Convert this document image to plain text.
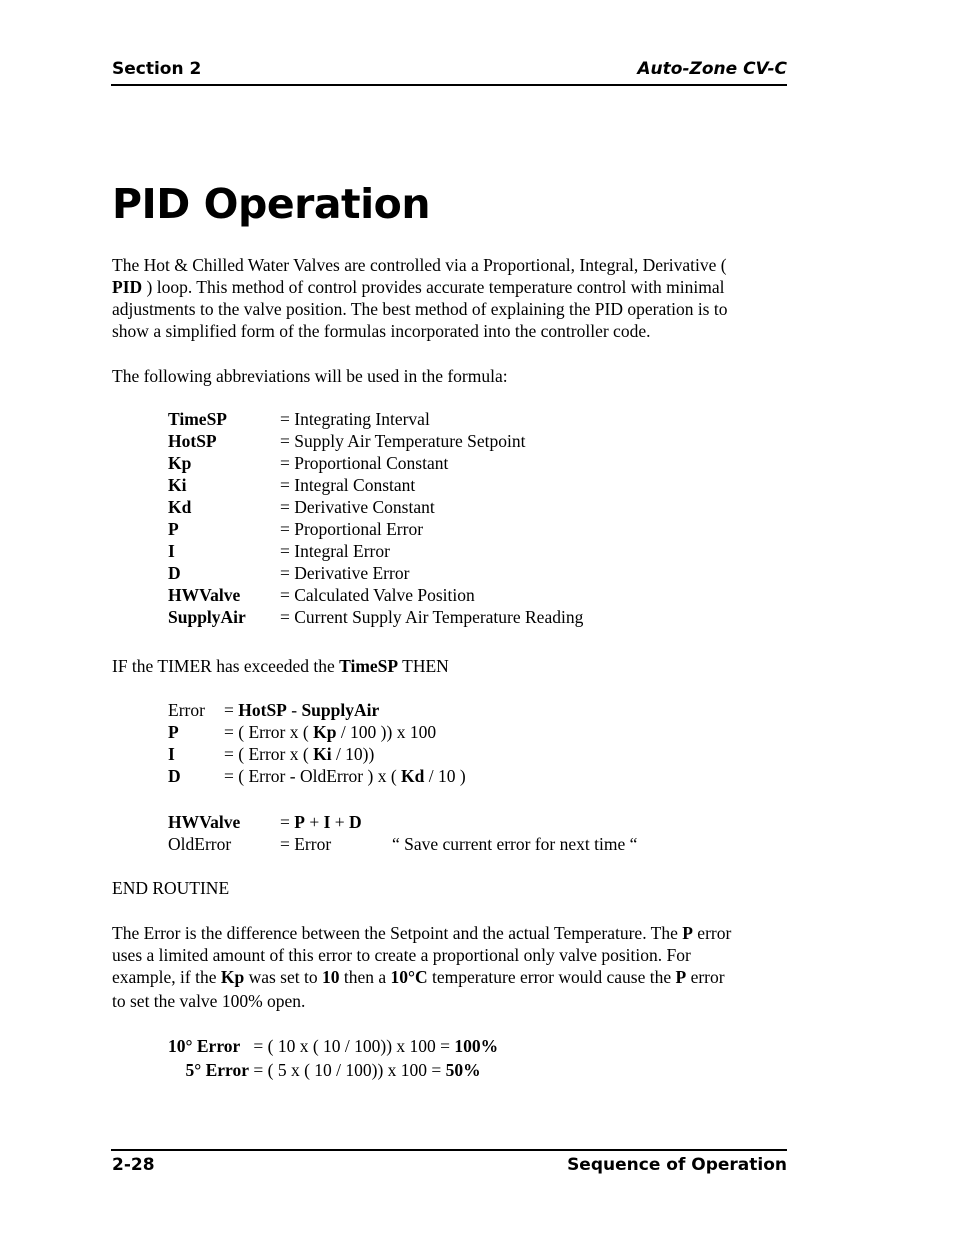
Section 2	Auto-Zone CV-C
PID Operation
The Hot & Chilled Water Valves are controlled via a Proportional, Integral, Derivative (
PID ) loop. This method of control provides accurate temperature control with minimal
adjustments to the valve position. The best method of explaining the PID operation is to
show a simplified form of the formulas incorporated into the controller code.
The following abbreviations will be used in the formula:
TimeSP	= Integrating Interval
HotSP	= Supply Air Temperature Setpoint
Kp	= Proportional Constant
Ki	= Integral Constant
Kd	= Derivative Constant
P	= Proportional Error
I	= Integral Error
D	= Derivative Error
HWValve = Calculated Valve Position
SupplyAir = Current Supply Air Temperature Reading
IF the TIMER has exceeded the TimeSP THEN
Error = HotSP - SupplyAir
P	= ( Error x ( Kp / 100 )) x 100
I	= ( Error x ( Ki / 10))
D = ( Error - OldError ) x ( Kd / 10 )
HWValve = P + I + D
OldError	= Error	“ Save current error for next time “
END ROUTINE
The Error is the difference between the Setpoint and the actual Temperature. The P error
uses a limited amount of this error to create a proportional only valve position. For
example, if the Kp was set to 10 then a 10°C temperature error would cause the P error
to set the valve 100% open.
10° Error = ( 10 x ( 10 / 100)) x 100 = 100%
5° Error = ( 5 x ( 10 / 100)) x 100 = 50%
2-28	Sequence of Operation
